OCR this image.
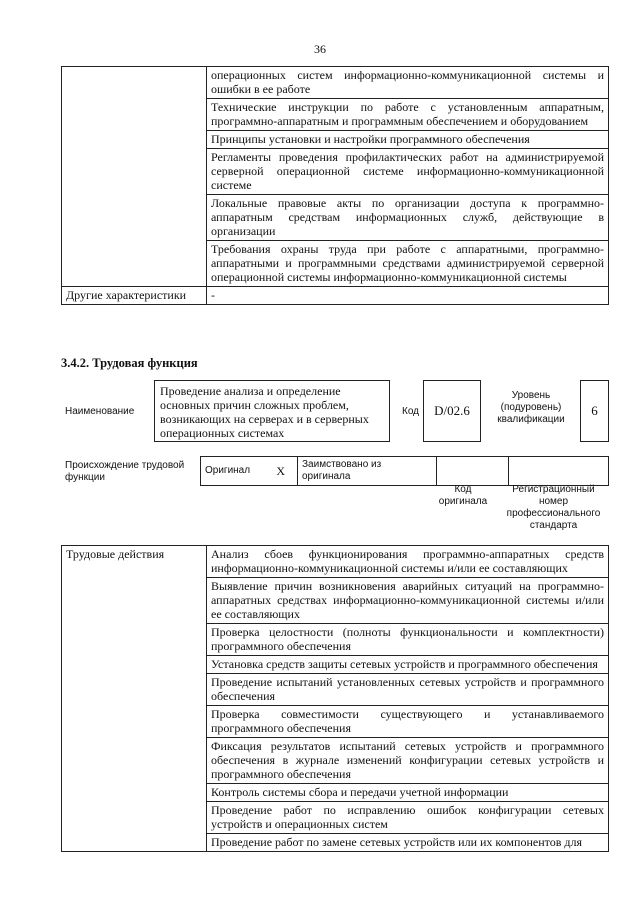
36
	операционных систем информационно-коммуникационной системы и ошибки в ее работе
	Технические инструкции по работе с установленным аппаратным, программно-аппаратным и программным обеспечением и оборудованием
	Принципы установки и настройки программного обеспечения
	Регламенты проведения профилактических работ на администрируемой серверной операционной системе информационно-коммуникационной системе
	Локальные правовые акты по организации доступа к программно-аппаратным средствам информационных служб, действующие в организации
	Требования охраны труда при работе с аппаратными, программно-аппаратными и программными средствами администрируемой серверной операционной системы информационно-коммуникационной системы
Другие характеристики	-
3.4.2. Трудовая функция
Наименование
Проведение анализа и определение основных причин сложных проблем, возникающих на серверах и в серверных операционных системах
Код	D/02.6
Уровень (подуровень) квалификации
6
Происхождение трудовой функции
Оригинал X	Заимствовано из оригинала		
Код оригинала
Регистрационный номер профессионального стандарта
Трудовые действия	Анализ сбоев функционирования программно-аппаратных средств информационно-коммуникационной системы и/или ее составляющих
Выявление причин возникновения аварийных ситуаций на программно-аппаратных средствах информационно-коммуникационной системы и/или ее составляющих
Проверка целостности (полноты функциональности и комплектности) программного обеспечения
Установка средств защиты сетевых устройств и программного обеспечения
Проведение испытаний установленных сетевых устройств и программного обеспечения
Проверка совместимости существующего и устанавливаемого программного обеспечения
Фиксация результатов испытаний сетевых устройств и программного обеспечения в журнале изменений конфигурации сетевых устройств и программного обеспечения
Контроль системы сбора и передачи учетной информации
Проведение работ по исправлению ошибок конфигурации сетевых устройств и операционных систем
Проведение работ по замене сетевых устройств или их компонентов для
